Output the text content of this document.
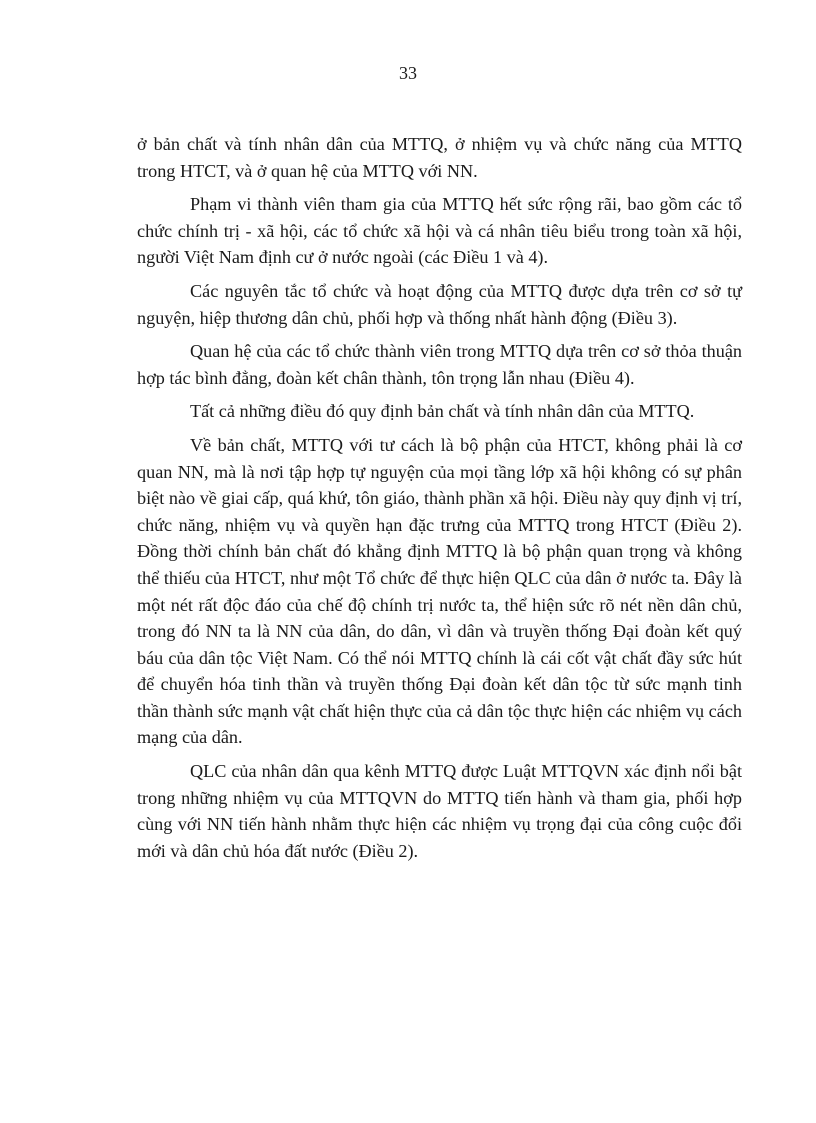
33

ở bản chất và tính nhân dân của MTTQ, ở nhiệm vụ và chức năng của MTTQ trong HTCT, và ở quan hệ của MTTQ với NN.

Phạm vi thành viên tham gia của MTTQ hết sức rộng rãi, bao gồm các tổ chức chính trị - xã hội, các tổ chức xã hội và cá nhân tiêu biểu trong toàn xã hội, người Việt Nam định cư ở nước ngoài (các Điều 1 và 4).

Các nguyên tắc tổ chức và hoạt động của MTTQ được dựa trên cơ sở tự nguyện, hiệp thương dân chủ, phối hợp và thống nhất hành động (Điều 3).

Quan hệ của các tổ chức thành viên trong MTTQ dựa trên cơ sở thỏa thuận hợp tác bình đẳng, đoàn kết chân thành, tôn trọng lẫn nhau (Điều 4).

Tất cả những điều đó quy định bản chất và tính nhân dân của MTTQ.

Về bản chất, MTTQ với tư cách là bộ phận của HTCT, không phải là cơ quan NN, mà là nơi tập hợp tự nguyện của mọi tầng lớp xã hội không có sự phân biệt nào về giai cấp, quá khứ, tôn giáo, thành phần xã hội. Điều này quy định vị trí, chức năng, nhiệm vụ và quyền hạn đặc trưng của MTTQ trong HTCT (Điều 2). Đồng thời chính bản chất đó khẳng định MTTQ là bộ phận quan trọng và không thể thiếu của HTCT, như một Tổ chức để thực hiện QLC của dân ở nước ta. Đây là một nét rất độc đáo của chế độ chính trị nước ta, thể hiện sức rõ nét nền dân chủ, trong đó NN ta là NN của dân, do dân, vì dân và truyền thống Đại đoàn kết quý báu của dân tộc Việt Nam. Có thể nói MTTQ chính là cái cốt vật chất đầy sức hút để chuyển hóa tinh thần và truyền thống Đại đoàn kết dân tộc từ sức mạnh tinh thần thành sức mạnh vật chất hiện thực của cả dân tộc thực hiện các nhiệm vụ cách mạng của dân.

QLC của nhân dân qua kênh MTTQ được Luật MTTQVN xác định nổi bật trong những nhiệm vụ của MTTQVN do MTTQ tiến hành và tham gia, phối hợp cùng với NN tiến hành nhằm thực hiện các nhiệm vụ trọng đại của công cuộc đổi mới và dân chủ hóa đất nước (Điều 2).
